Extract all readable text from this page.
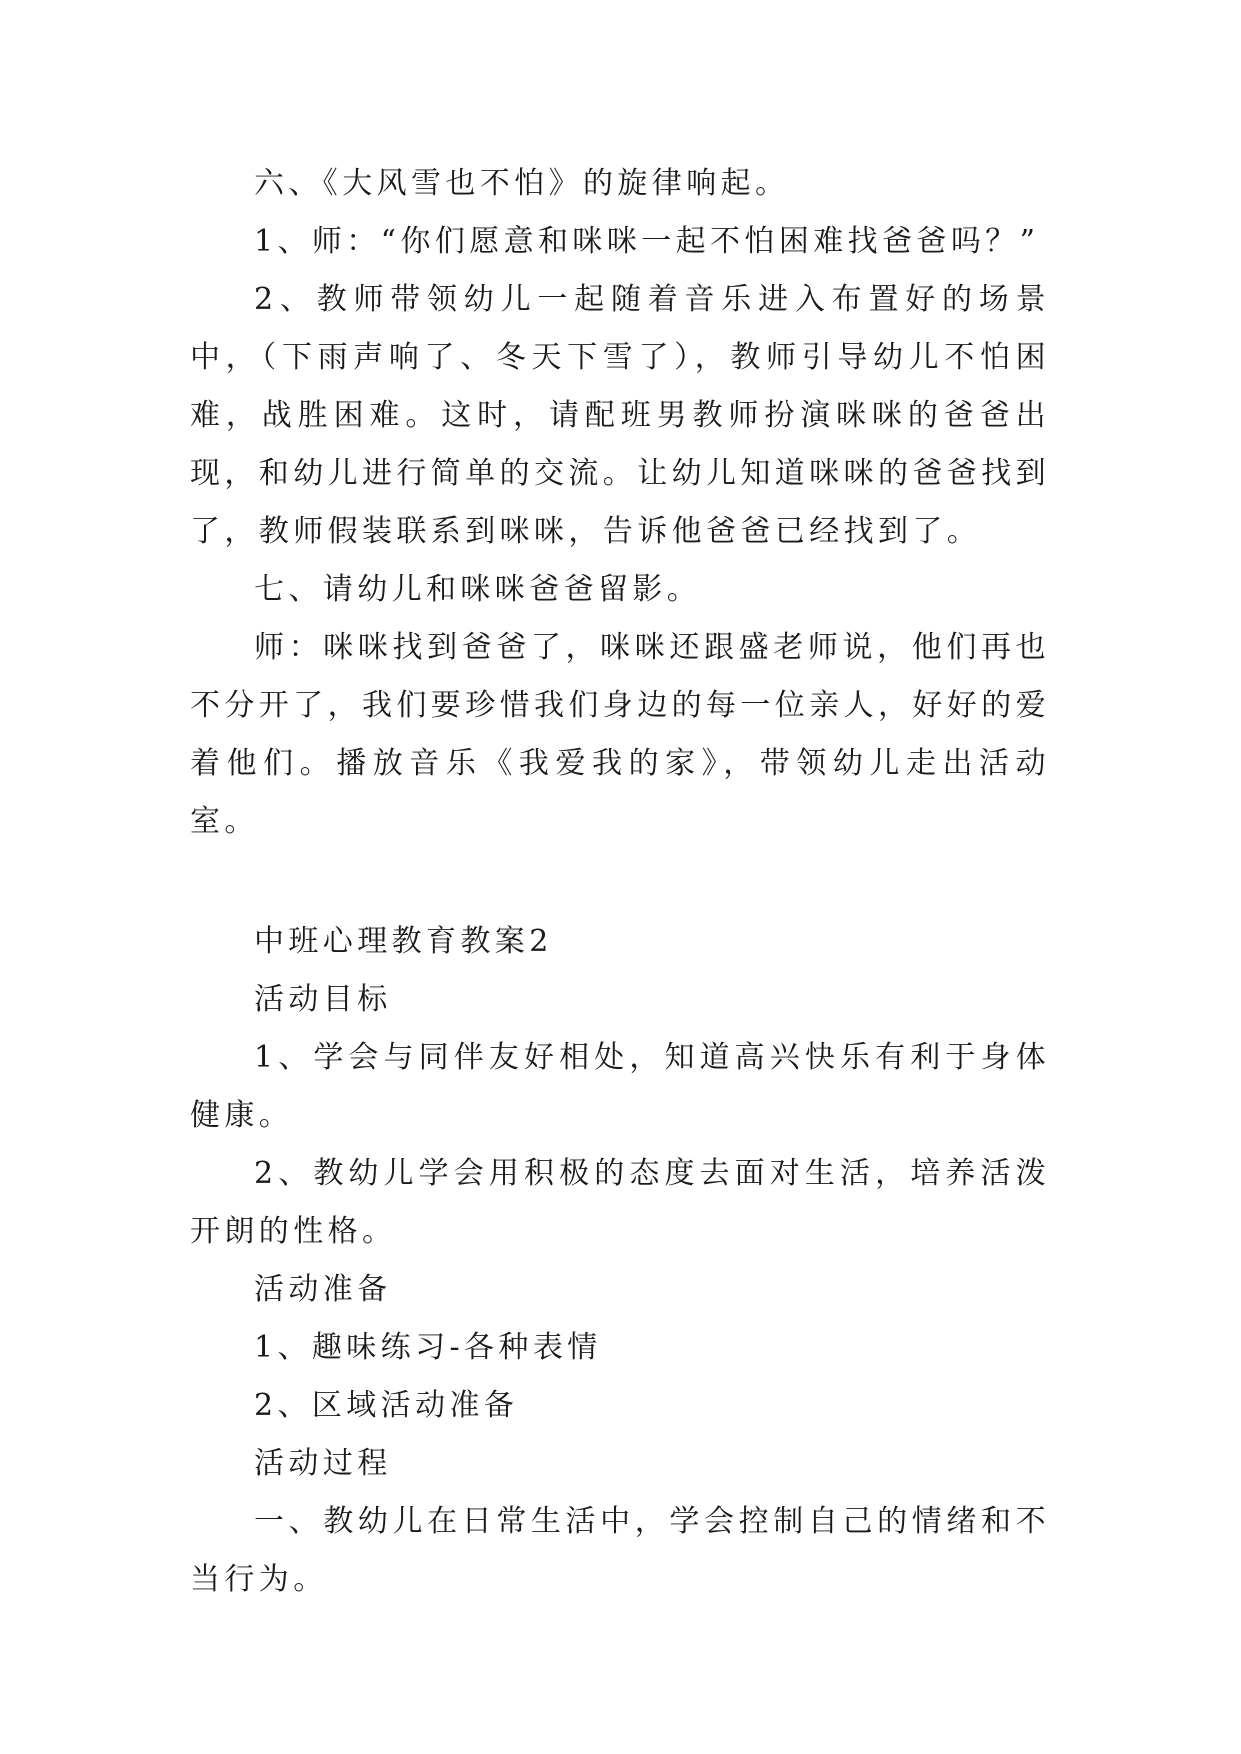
六、《大风雪也不怕》的旋律响起。

1、师：“你们愿意和咪咪一起不怕困难找爸爸吗？”

2、教师带领幼儿一起随着音乐进入布置好的场景中，（下雨声响了、冬天下雪了），教师引导幼儿不怕困难，战胜困难。这时，请配班男教师扮演咪咪的爸爸出现，和幼儿进行简单的交流。让幼儿知道咪咪的爸爸找到了，教师假装联系到咪咪，告诉他爸爸已经找到了。

七、请幼儿和咪咪爸爸留影。

师：咪咪找到爸爸了，咪咪还跟盛老师说，他们再也不分开了，我们要珍惜我们身边的每一位亲人，好好的爱着他们。播放音乐《我爱我的家》，带领幼儿走出活动室。

中班心理教育教案2

活动目标

1、学会与同伴友好相处，知道高兴快乐有利于身体健康。

2、教幼儿学会用积极的态度去面对生活，培养活泼开朗的性格。

活动准备

1、趣味练习-各种表情

2、区域活动准备

活动过程

一、教幼儿在日常生活中，学会控制自己的情绪和不当行为。
